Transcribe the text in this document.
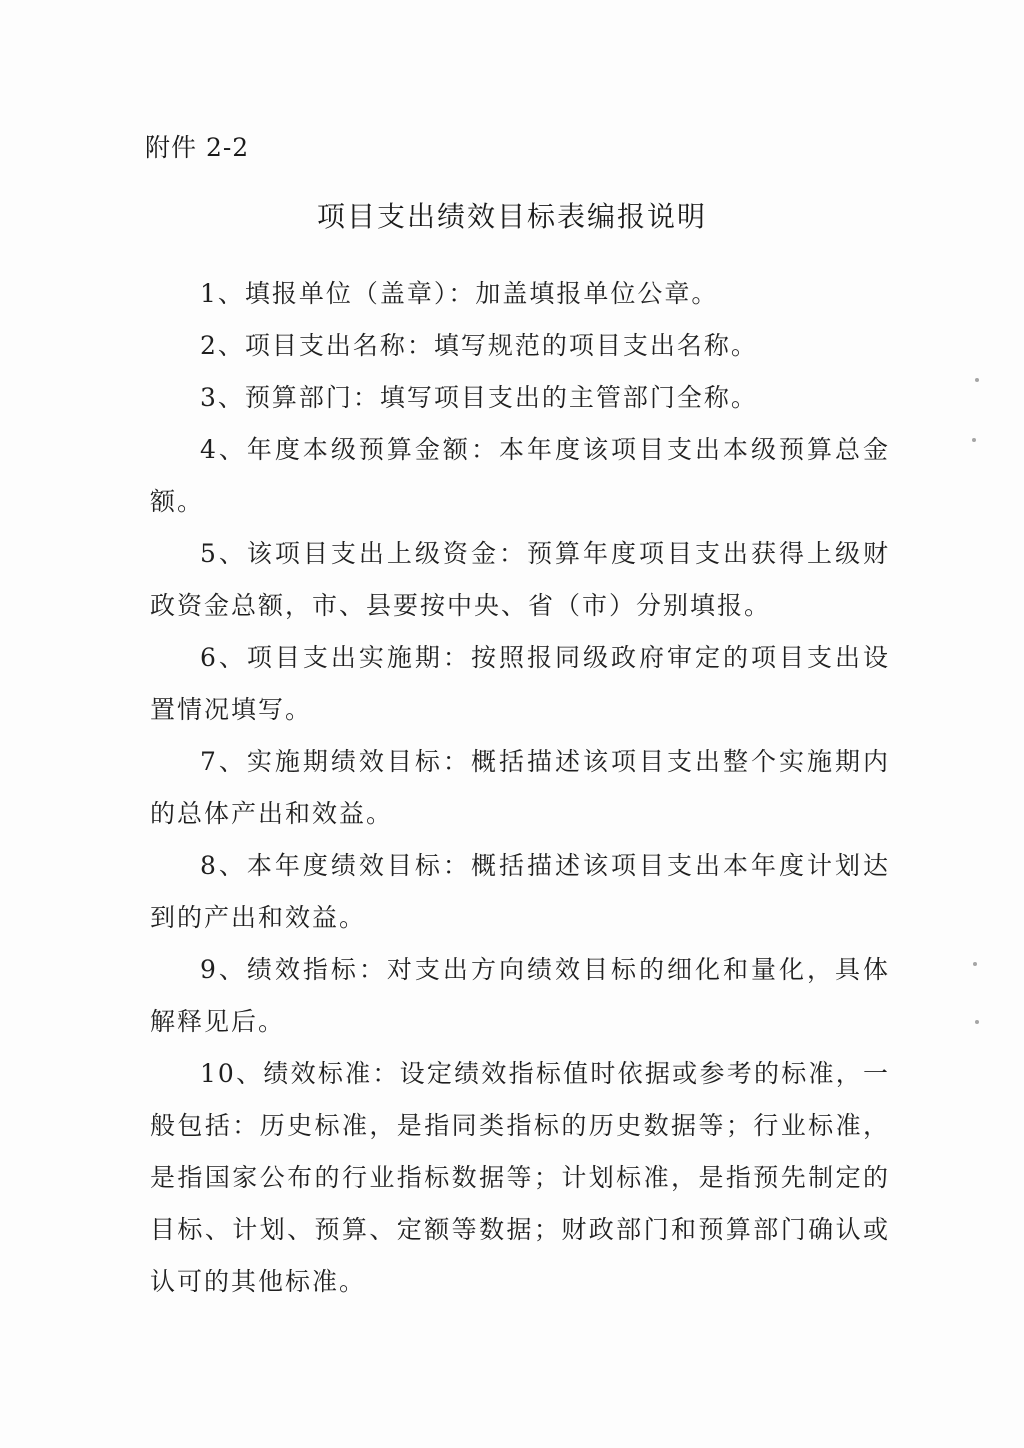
附件 2-2
项目支出绩效目标表编报说明

1、填报单位（盖章）：加盖填报单位公章。

2、项目支出名称：填写规范的项目支出名称。

3、预算部门：填写项目支出的主管部门全称。

4、年度本级预算金额：本年度该项目支出本级预算总金额。

5、该项目支出上级资金：预算年度项目支出获得上级财政资金总额，市、县要按中央、省（市）分别填报。

6、项目支出实施期：按照报同级政府审定的项目支出设置情况填写。

7、实施期绩效目标：概括描述该项目支出整个实施期内的总体产出和效益。

8、本年度绩效目标：概括描述该项目支出本年度计划达到的产出和效益。

9、绩效指标：对支出方向绩效目标的细化和量化，具体解释见后。

10、绩效标准：设定绩效指标值时依据或参考的标准，一般包括：历史标准，是指同类指标的历史数据等；行业标准，是指国家公布的行业指标数据等；计划标准，是指预先制定的目标、计划、预算、定额等数据；财政部门和预算部门确认或认可的其他标准。
